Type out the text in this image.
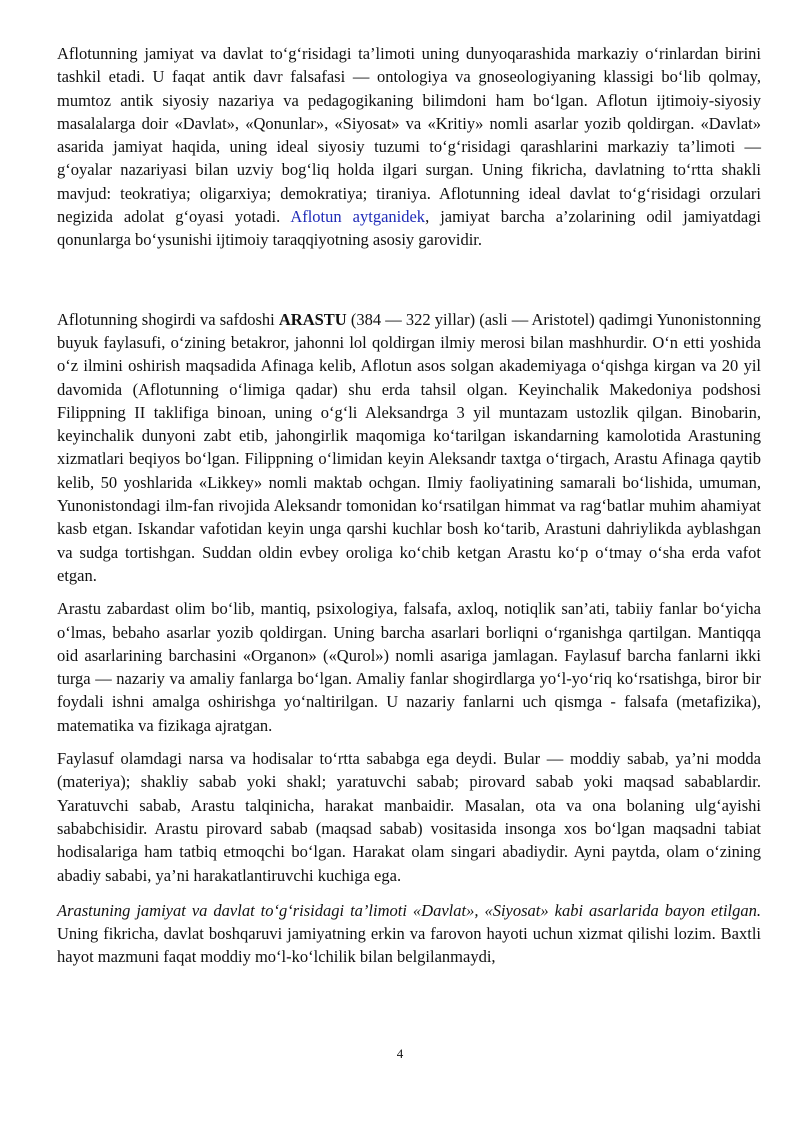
Aflotunning jamiyat va davlat to‘g‘risidagi ta’limoti uning dunyoqarashida markaziy o‘rinlardan birini tashkil etadi. U faqat antik davr falsafasi — ontologiya va gnoseologiyaning klassigi bo‘lib qolmay, mumtoz antik siyosiy nazariya va pedagogikaning bilimdoni ham bo‘lgan. Aflotun ijtimoiy-siyosiy masalalarga doir «Davlat», «Qonunlar», «Siyosat» va «Kritiy» nomli asarlar yozib qoldirgan. «Davlat» asarida jamiyat haqida, uning ideal siyosiy tuzumi to‘g‘risidagi qarashlarini markaziy ta’limoti — g‘oyalar nazariyasi bilan uzviy bog‘liq holda ilgari surgan. Uning fikricha, davlatning to‘rtta shakli mavjud: teokratiya; oligarxiya; demokratiya; tiraniya. Aflotunning ideal davlat to‘g‘risidagi orzulari negizida adolat g‘oyasi yotadi. Aflotun aytganidek, jamiyat barcha a’zolarining odil jamiyatdagi qonunlarga bo‘ysunishi ijtimoiy taraqqiyotning asosiy garovidir.

Aflotunning shogirdi va safdoshi ARASTU (384 — 322 yillar) (asli — Aristotel) qadimgi Yunonistonning buyuk faylasufi, o‘zining betakror, jahonni lol qoldirgan ilmiy merosi bilan mashhurdir. O‘n etti yoshida o‘z ilmini oshirish maqsadida Afinaga kelib, Aflotun asos solgan akademiyaga o‘qishga kirgan va 20 yil davomida (Aflotunning o‘limiga qadar) shu erda tahsil olgan. Keyinchalik Makedoniya podshosi Filippning II taklifiga binoan, uning o‘g‘li Aleksandrga 3 yil muntazam ustozlik qilgan. Binobarin, keyinchalik dunyoni zabt etib, jahongirlik maqomiga ko‘tarilgan iskandarning kamolotida Arastuning xizmatlari beqiyos bo‘lgan. Filippning o‘limidan keyin Aleksandr taxtga o‘tirgach, Arastu Afinaga qaytib kelib, 50 yoshlarida «Likkey» nomli maktab ochgan. Ilmiy faoliyatining samarali bo‘lishida, umuman, Yunonistondagi ilm-fan rivojida Aleksandr tomonidan ko‘rsatilgan himmat va rag‘batlar muhim ahamiyat kasb etgan. Iskandar vafotidan keyin unga qarshi kuchlar bosh ko‘tarib, Arastuni dahriylikda ayblashgan va sudga tortishgan. Suddan oldin evbey oroliga ko‘chib ketgan Arastu ko‘p o‘tmay o‘sha erda vafot etgan.

Arastu zabardast olim bo‘lib, mantiq, psixologiya, falsafa, axloq, notiqlik san’ati, tabiiy fanlar bo‘yicha o‘lmas, bebaho asarlar yozib qoldirgan. Uning barcha asarlari borliqni o‘rganishga qartilgan. Mantiqqa oid asarlarining barchasini «Organon» («Qurol») nomli asariga jamlagan. Faylasuf barcha fanlarni ikki turga — nazariy va amaliy fanlarga bo‘lgan. Amaliy fanlar shogirdlarga yo‘l-yo‘riq ko‘rsatishga, biror bir foydali ishni amalga oshirishga yo‘naltirilgan. U nazariy fanlarni uch qismga - falsafa (metafizika), matematika va fizikaga ajratgan.

Faylasuf olamdagi narsa va hodisalar to‘rtta sababga ega deydi. Bular — moddiy sabab, ya’ni modda (materiya); shakliy sabab yoki shakl; yaratuvchi sabab; pirovard sabab yoki maqsad sabablardir. Yaratuvchi sabab, Arastu talqinicha, harakat manbaidir. Masalan, ota va ona bolaning ulg‘ayishi sababchisidir. Arastu pirovard sabab (maqsad sabab) vositasida insonga xos bo‘lgan maqsadni tabiat hodisalariga ham tatbiq etmoqchi bo‘lgan. Harakat olam singari abadiydir. Ayni paytda, olam o‘zining abadiy sababi, ya’ni harakatlantiruvchi kuchiga ega.

Arastuning jamiyat va davlat to‘g‘risidagi ta’limoti «Davlat», «Siyosat» kabi asarlarida bayon etilgan. Uning fikricha, davlat boshqaruvi jamiyatning erkin va farovon hayoti uchun xizmat qilishi lozim. Baxtli hayot mazmuni faqat moddiy mo‘l-ko‘lchilik bilan belgilanmaydi,

4
